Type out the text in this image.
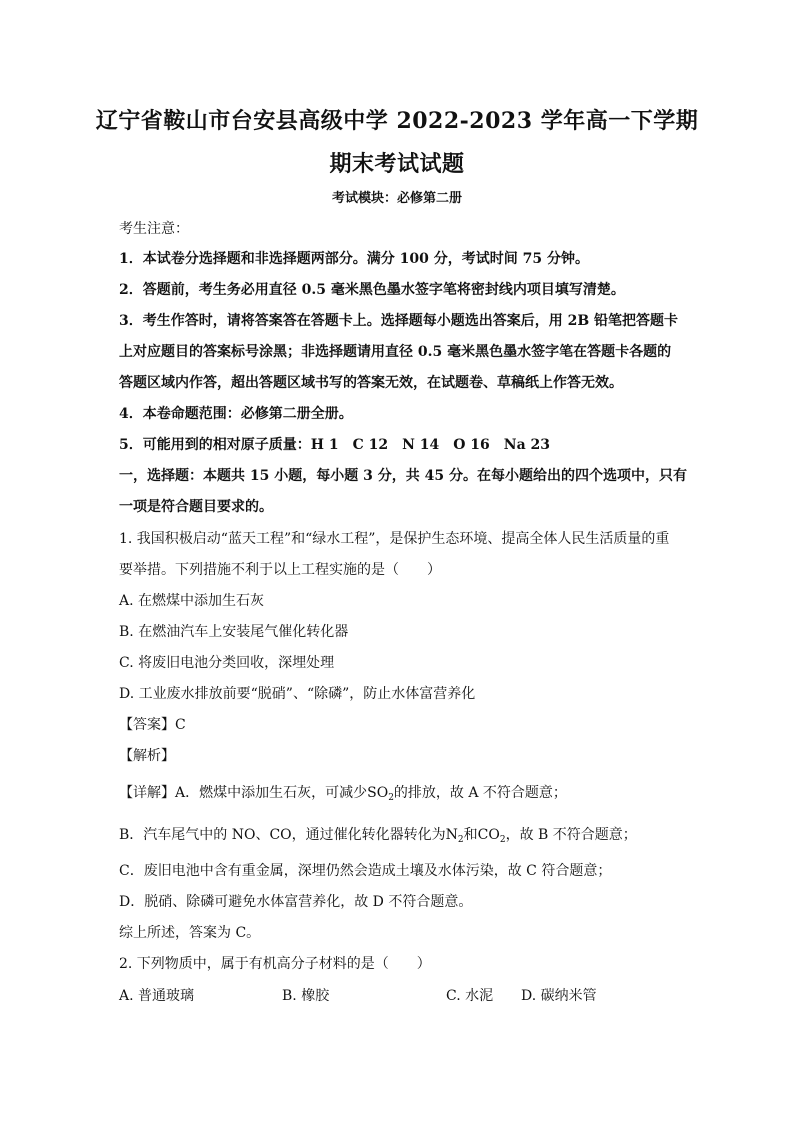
辽宁省鞍山市台安县高级中学 2022-2023 学年高一下学期
期末考试试题
考试模块：必修第二册
考生注意：
1．本试卷分选择题和非选择题两部分。满分 100 分，考试时间 75 分钟。
2．答题前，考生务必用直径 0.5 毫米黑色墨水签字笔将密封线内项目填写清楚。
3．考生作答时，请将答案答在答题卡上。选择题每小题选出答案后，用 2B 铅笔把答题卡
上对应题目的答案标号涂黑；非选择题请用直径 0.5 毫米黑色墨水签字笔在答题卡各题的
答题区域内作答，超出答题区域书写的答案无效，在试题卷、草稿纸上作答无效。
4．本卷命题范围：必修第二册全册。
5．可能用到的相对原子质量：H 1　C 12　N 14　O 16　Na 23
一，选择题：本题共 15 小题，每小题 3 分，共 45 分。在每小题给出的四个选项中，只有
一项是符合题目要求的。
1. 我国积极启动“蓝天工程”和“绿水工程”，是保护生态环境、提高全体人民生活质量的重
要举措。下列措施不利于以上工程实施的是（　　）
A. 在燃煤中添加生石灰
B. 在燃油汽车上安装尾气催化转化器
C. 将废旧电池分类回收，深埋处理
D. 工业废水排放前要“脱硝”、“除磷”，防止水体富营养化
【答案】C
【解析】
【详解】A．燃煤中添加生石灰，可减少$SO_2$的排放，故 A 不符合题意；
B．汽车尾气中的 NO、CO，通过催化转化器转化为$N_2$和$CO_2$，故 B 不符合题意；
C．废旧电池中含有重金属，深埋仍然会造成土壤及水体污染，故 C 符合题意；
D．脱硝、除磷可避免水体富营养化，故 D 不符合题意。
综上所述，答案为 C。
2. 下列物质中，属于有机高分子材料的是（　　）
A. 普通玻璃	B. 橡胶	C. 水泥 D. 碳纳米管
